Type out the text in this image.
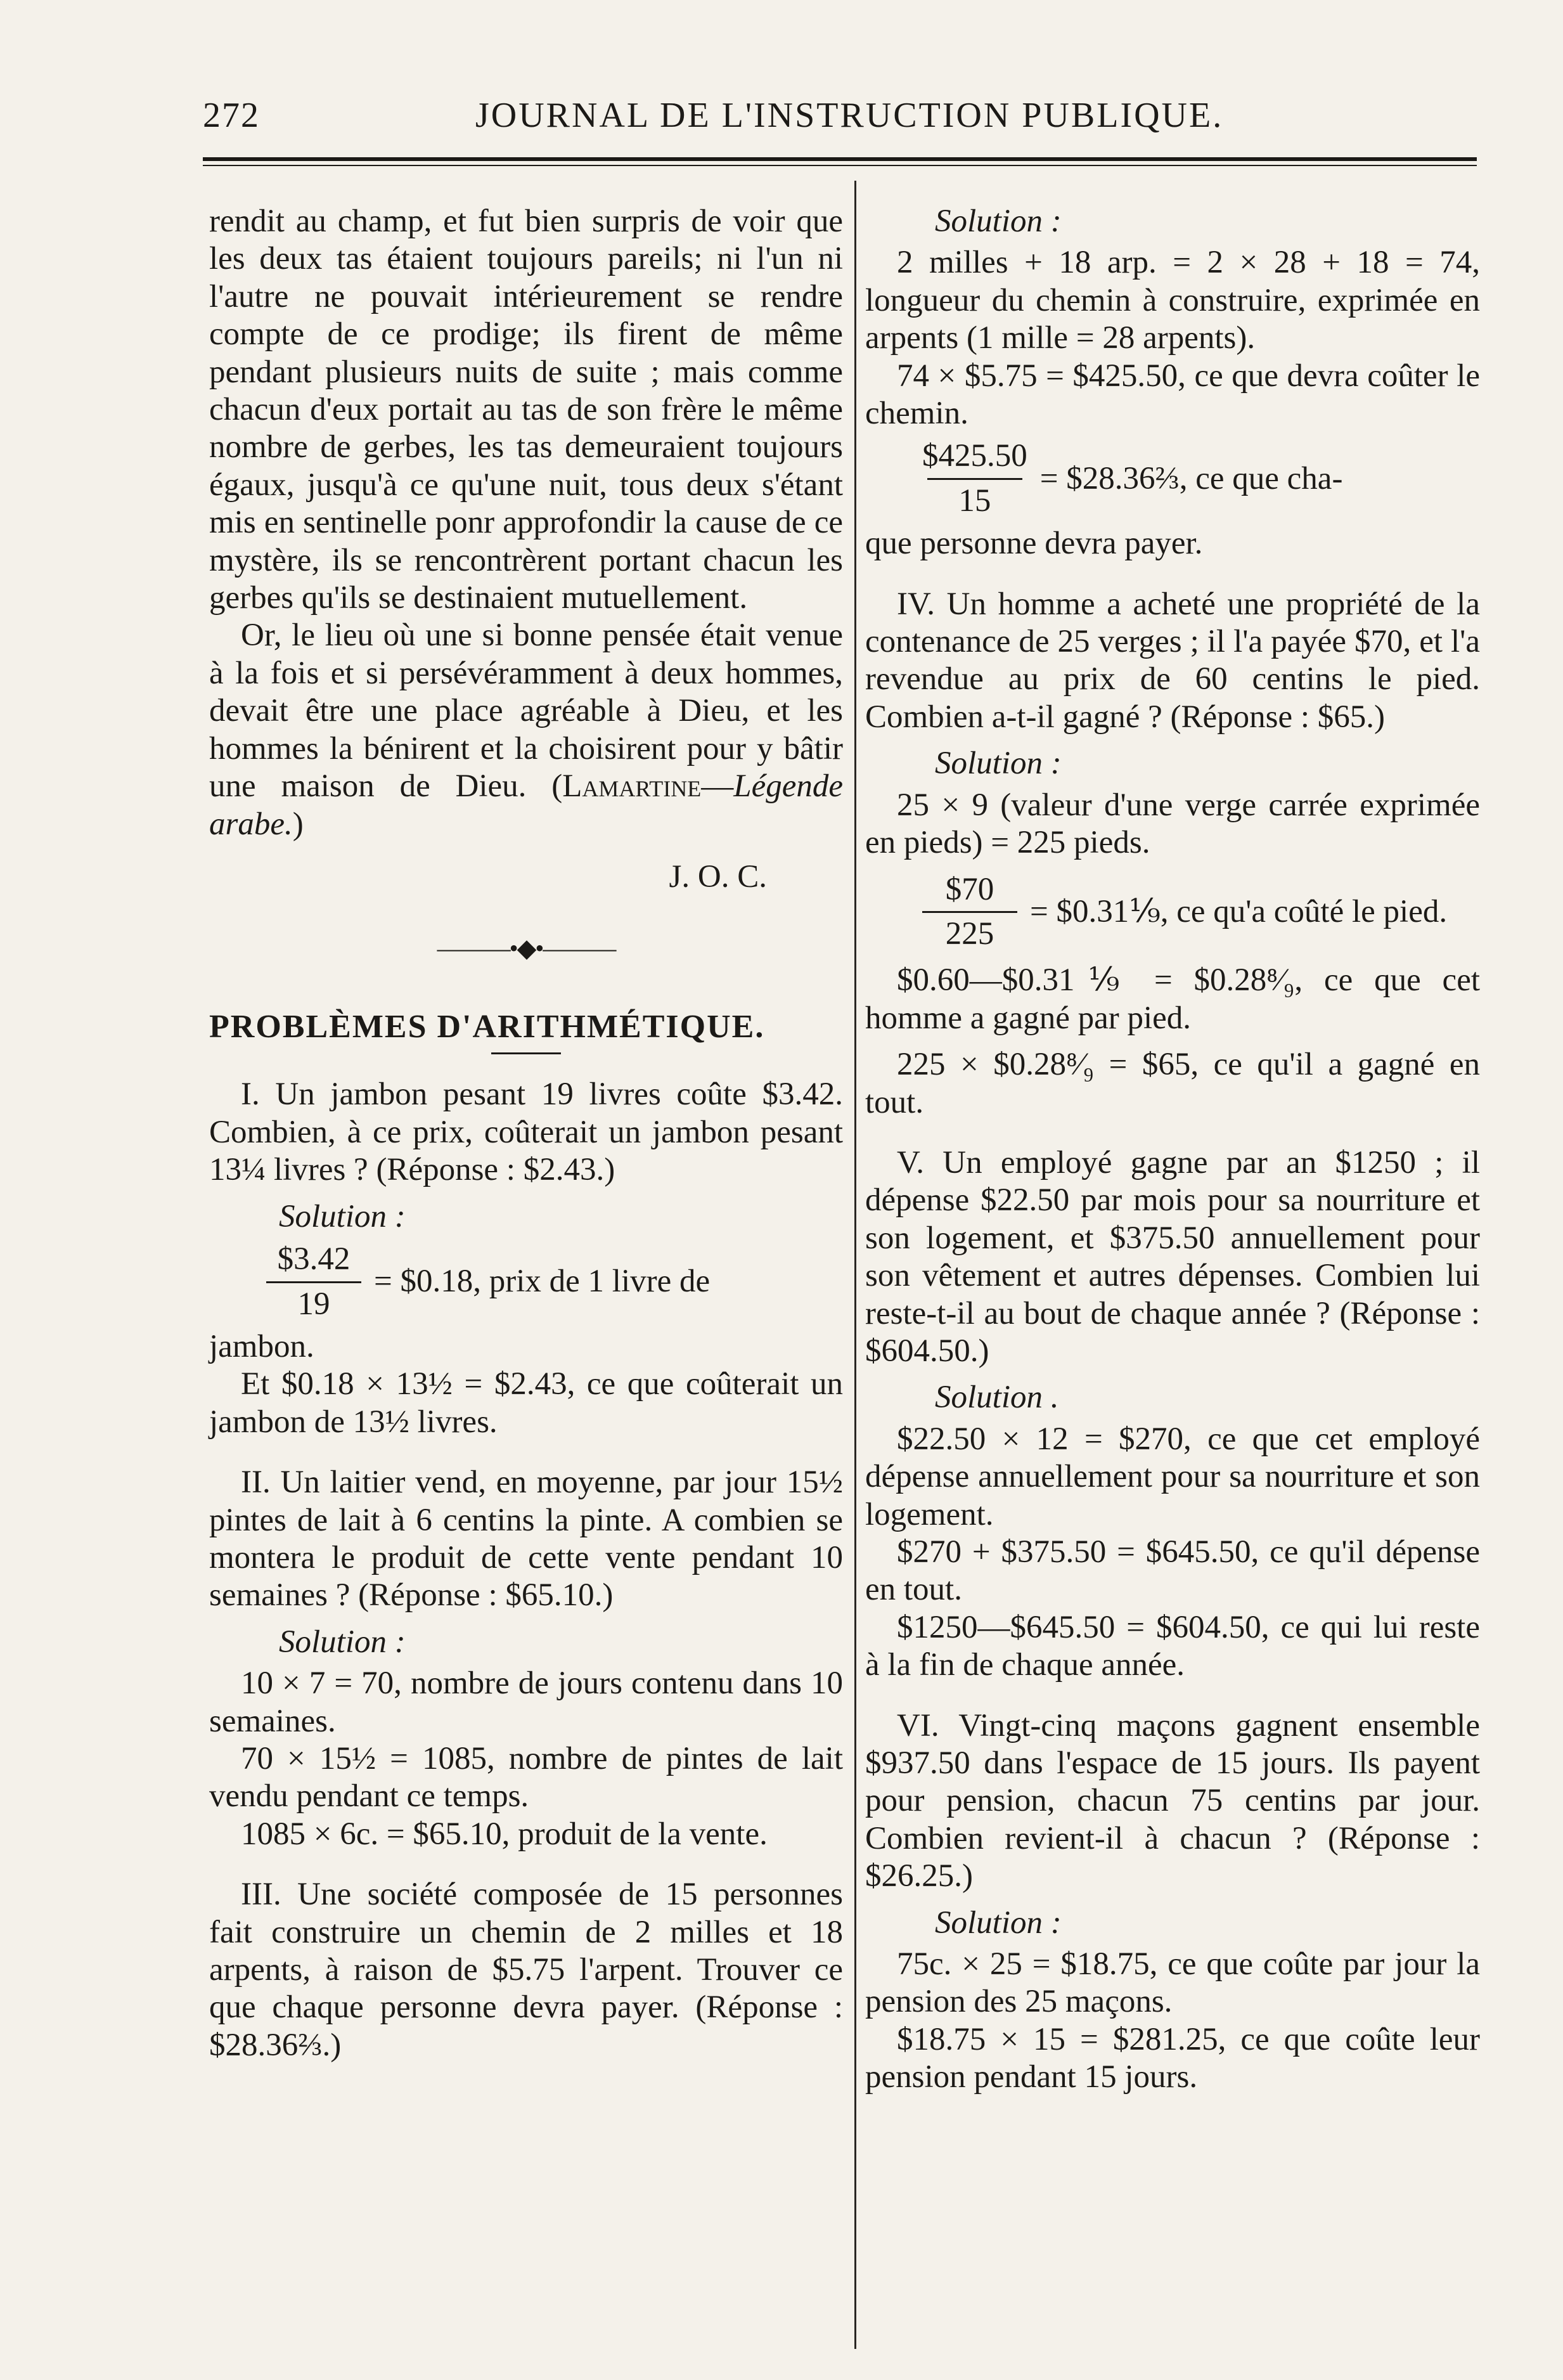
272	JOURNAL DE L'INSTRUCTION PUBLIQUE.

rendit au champ, et fut bien surpris de voir que les deux tas étaient toujours pareils; ni l'un ni l'autre ne pouvait intérieurement se rendre compte de ce prodige; ils firent de même pendant plusieurs nuits de suite ; mais comme chacun d'eux portait au tas de son frère le même nombre de gerbes, les tas demeuraient toujours égaux, jusqu'à ce qu'une nuit, tous deux s'étant mis en sentinelle ponr approfondir la cause de ce mystère, ils se rencontrèrent portant chacun les gerbes qu'ils se destinaient mutuellement.

Or, le lieu où une si bonne pensée était venue à la fois et si persévéramment à deux hommes, devait être une place agréable à Dieu, et les hommes la bénirent et la choisirent pour y bâtir une maison de Dieu. (Lamartine—Légende arabe.)

J. O. C.

———•◆•———

PROBLÈMES D'ARITHMÉTIQUE.

I. Un jambon pesant 19 livres coûte $3.42. Combien, à ce prix, coûterait un jambon pesant 13¼ livres ? (Réponse : $2.43.)

Solution :

$\frac{\$3.42}{19}$ = $0.18, prix de 1 livre de

jambon.

Et $0.18 × 13½ = $2.43, ce que coûterait un jambon de 13½ livres.

II. Un laitier vend, en moyenne, par jour 15½ pintes de lait à 6 centins la pinte. A combien se montera le produit de cette vente pendant 10 semaines ? (Réponse : $65.10.)

Solution :

10 × 7 = 70, nombre de jours contenu dans 10 semaines.

70 × 15½ = 1085, nombre de pintes de lait vendu pendant ce temps.

1085 × 6c. = $65.10, produit de la vente.

III. Une société composée de 15 personnes fait construire un chemin de 2 milles et 18 arpents, à raison de $5.75 l'arpent. Trouver ce que chaque personne devra payer. (Réponse : $28.36⅔.)

Solution :

2 milles + 18 arp. = 2 × 28 + 18 = 74, longueur du chemin à construire, exprimée en arpents (1 mille = 28 arpents).

74 × $5.75 = $425.50, ce que devra coûter le chemin.

$\frac{\$425.50}{15}$ = $28.36⅔, ce que cha-

que personne devra payer.

IV. Un homme a acheté une propriété de la contenance de 25 verges ; il l'a payée $70, et l'a revendue au prix de 60 centins le pied. Combien a-t-il gagné ? (Réponse : $65.)

Solution :

25 × 9 (valeur d'une verge carrée exprimée en pieds) = 225 pieds.

$\frac{\$70}{225}$ = $0.31⅑, ce qu'a coûté le pied.

$0.60—$0.31⅑ = $0.28⁸⁄₉, ce que cet homme a gagné par pied.

225 × $0.28⁸⁄₉ = $65, ce qu'il a gagné en tout.

V. Un employé gagne par an $1250 ; il dépense $22.50 par mois pour sa nourriture et son logement, et $375.50 annuellement pour son vêtement et autres dépenses. Combien lui reste-t-il au bout de chaque année ? (Réponse : $604.50.)

Solution .

$22.50 × 12 = $270, ce que cet employé dépense annuellement pour sa nourriture et son logement.

$270 + $375.50 = $645.50, ce qu'il dépense en tout.

$1250—$645.50 = $604.50, ce qui lui reste à la fin de chaque année.

VI. Vingt-cinq maçons gagnent ensemble $937.50 dans l'espace de 15 jours. Ils payent pour pension, chacun 75 centins par jour. Combien revient-il à chacun ? (Réponse : $26.25.)

Solution :

75c. × 25 = $18.75, ce que coûte par jour la pension des 25 maçons.

$18.75 × 15 = $281.25, ce que coûte leur pension pendant 15 jours.
